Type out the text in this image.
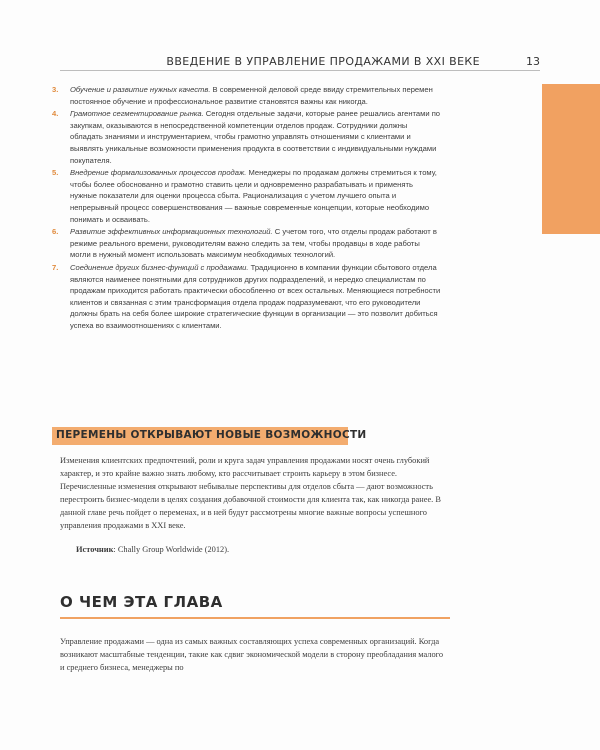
ВВЕДЕНИЕ В УПРАВЛЕНИЕ ПРОДАЖАМИ В XXI ВЕКЕ	13
3. Обучение и развитие нужных качеств. В современной деловой среде ввиду стремительных перемен постоянное обучение и профессиональное развитие становятся важны как никогда.
4. Грамотное сегментирование рынка. Сегодня отдельные задачи, которые ранее решались агентами по закупкам, оказываются в непосредственной компетенции отделов продаж. Сотрудники должны обладать знаниями и инструментарием, чтобы грамотно управлять отношениями с клиентами и выявлять уникальные возможности применения продукта в соответствии с индивидуальными нуждами покупателя.
5. Внедрение формализованных процессов продаж. Менеджеры по продажам должны стремиться к тому, чтобы более обоснованно и грамотно ставить цели и одновременно разрабатывать и применять нужные показатели для оценки процесса сбыта. Рационализация с учетом лучшего опыта и непрерывный процесс совершенствования — важные современные концепции, которые необходимо понимать и осваивать.
6. Развитие эффективных информационных технологий. С учетом того, что отделы продаж работают в режиме реального времени, руководителям важно следить за тем, чтобы продавцы в ходе работы могли в нужный момент использовать максимум необходимых технологий.
7. Соединение других бизнес-функций с продажами. Традиционно в компании функции сбытового отдела являются наименее понятными для сотрудников других подразделений, и нередко специалистам по продажам приходится работать практически обособленно от всех остальных. Меняющиеся потребности клиентов и связанная с этим трансформация отдела продаж подразумевают, что его руководители должны брать на себя более широкие стратегические функции в организации — это позволит добиться успеха во взаимоотношениях с клиентами.
ПЕРЕМЕНЫ ОТКРЫВАЮТ НОВЫЕ ВОЗМОЖНОСТИ

Изменения клиентских предпочтений, роли и круга задач управления продажами носят очень глубокий характер, и это крайне важно знать любому, кто рассчитывает строить карьеру в этом бизнесе. Перечисленные изменения открывают небывалые перспективы для отделов сбыта — дают возможность перестроить бизнес-модели в целях создания добавочной стоимости для клиента так, как никогда ранее. В данной главе речь пойдет о переменах, и в ней будут рассмотрены многие важные вопросы успешного управления продажами в XXI веке.

Источник: Chally Group Worldwide (2012).
О ЧЕМ ЭТА ГЛАВА

Управление продажами — одна из самых важных составляющих успеха современных организаций. Когда возникают масштабные тенденции, такие как сдвиг экономической модели в сторону преобладания малого и среднего бизнеса, менеджеры по
